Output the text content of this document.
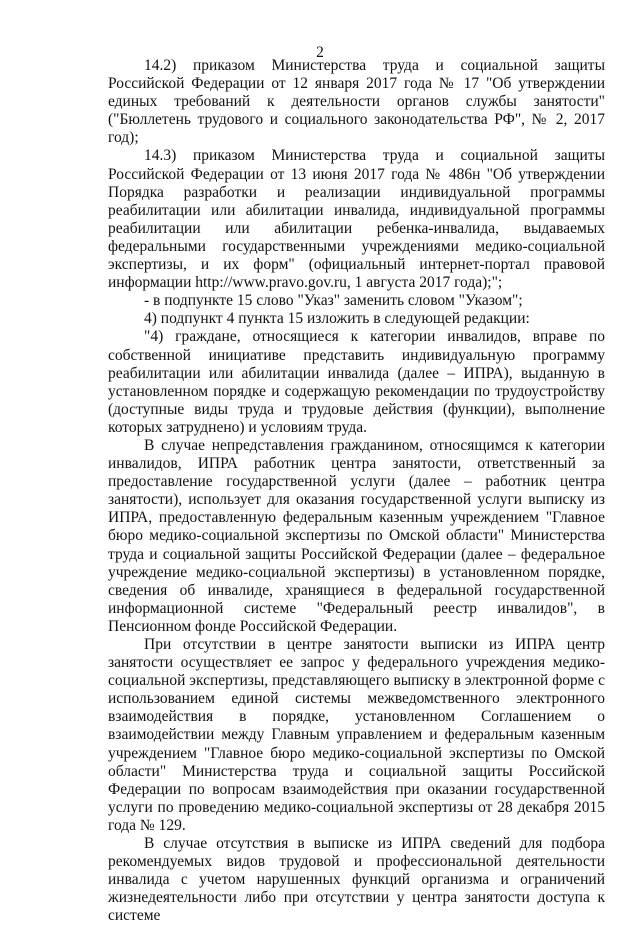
2

14.2) приказом Министерства труда и социальной защиты Российской Федерации от 12 января 2017 года № 17 "Об утверждении единых требований к деятельности органов службы занятости" ("Бюллетень трудового и социального законодательства РФ", № 2, 2017 год);

14.3) приказом Министерства труда и социальной защиты Российской Федерации от 13 июня 2017 года № 486н "Об утверждении Порядка разработки и реализации индивидуальной программы реабилитации или абилитации инвалида, индивидуальной программы реабилитации или абилитации ребенка-инвалида, выдаваемых федеральными государственными учреждениями медико-социальной экспертизы, и их форм" (официальный интернет-портал правовой информации http://www.pravo.gov.ru, 1 августа 2017 года);";

- в подпункте 15 слово "Указ" заменить словом "Указом";

4) подпункт 4 пункта 15 изложить в следующей редакции:

"4) граждане, относящиеся к категории инвалидов, вправе по собственной инициативе представить индивидуальную программу реабилитации или абилитации инвалида (далее – ИПРА), выданную в установленном порядке и содержащую рекомендации по трудоустройству (доступные виды труда и трудовые действия (функции), выполнение которых затруднено) и условиям труда.

В случае непредставления гражданином, относящимся к категории инвалидов, ИПРА работник центра занятости, ответственный за предоставление государственной услуги (далее – работник центра занятости), использует для оказания государственной услуги выписку из ИПРА, предоставленную федеральным казенным учреждением "Главное бюро медико-социальной экспертизы по Омской области" Министерства труда и социальной защиты Российской Федерации (далее – федеральное учреждение медико-социальной экспертизы) в установленном порядке, сведения об инвалиде, хранящиеся в федеральной государственной информационной системе "Федеральный реестр инвалидов", в Пенсионном фонде Российской Федерации.

При отсутствии в центре занятости выписки из ИПРА центр занятости осуществляет ее запрос у федерального учреждения медико-социальной экспертизы, представляющего выписку в электронной форме с использованием единой системы межведомственного электронного взаимодействия в порядке, установленном Соглашением о взаимодействии между Главным управлением и федеральным казенным учреждением "Главное бюро медико-социальной экспертизы по Омской области" Министерства труда и социальной защиты Российской Федерации по вопросам взаимодействия при оказании государственной услуги по проведению медико-социальной экспертизы от 28 декабря 2015 года № 129.

В случае отсутствия в выписке из ИПРА сведений для подбора рекомендуемых видов трудовой и профессиональной деятельности инвалида с учетом нарушенных функций организма и ограничений жизнедеятельности либо при отсутствии у центра занятости доступа к системе
